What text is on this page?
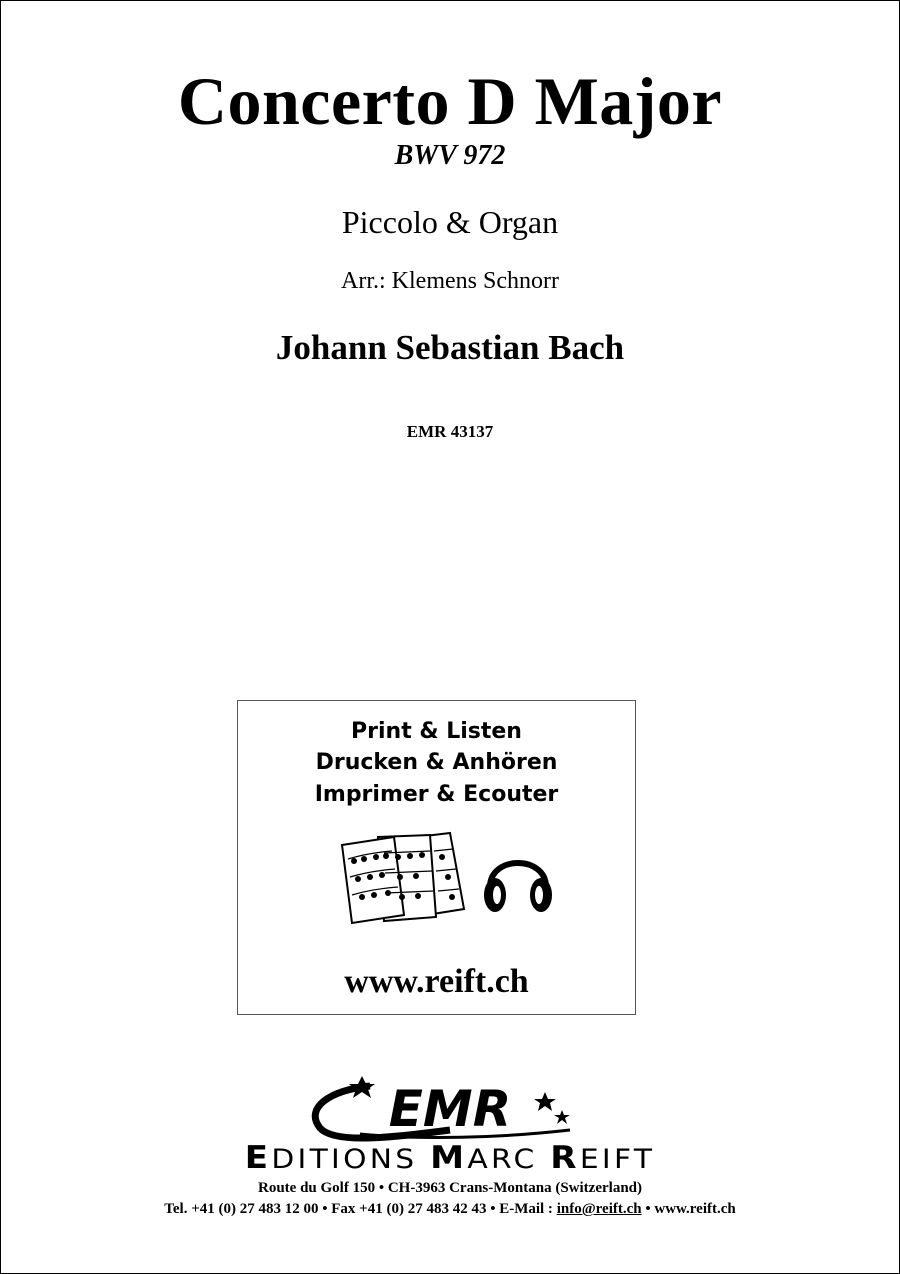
Concerto D Major
BWV 972
Piccolo & Organ
Arr.: Klemens Schnorr
Johann Sebastian Bach
EMR 43137
Print & Listen
Drucken & Anhören
Imprimer & Ecouter
www.reift.ch
EMR
EDITIONS MARC REIFT
Route du Golf 150 • CH-3963 Crans-Montana (Switzerland)
Tel. +41 (0) 27 483 12 00 • Fax +41 (0) 27 483 42 43 • E-Mail : info@reift.ch • www.reift.ch
